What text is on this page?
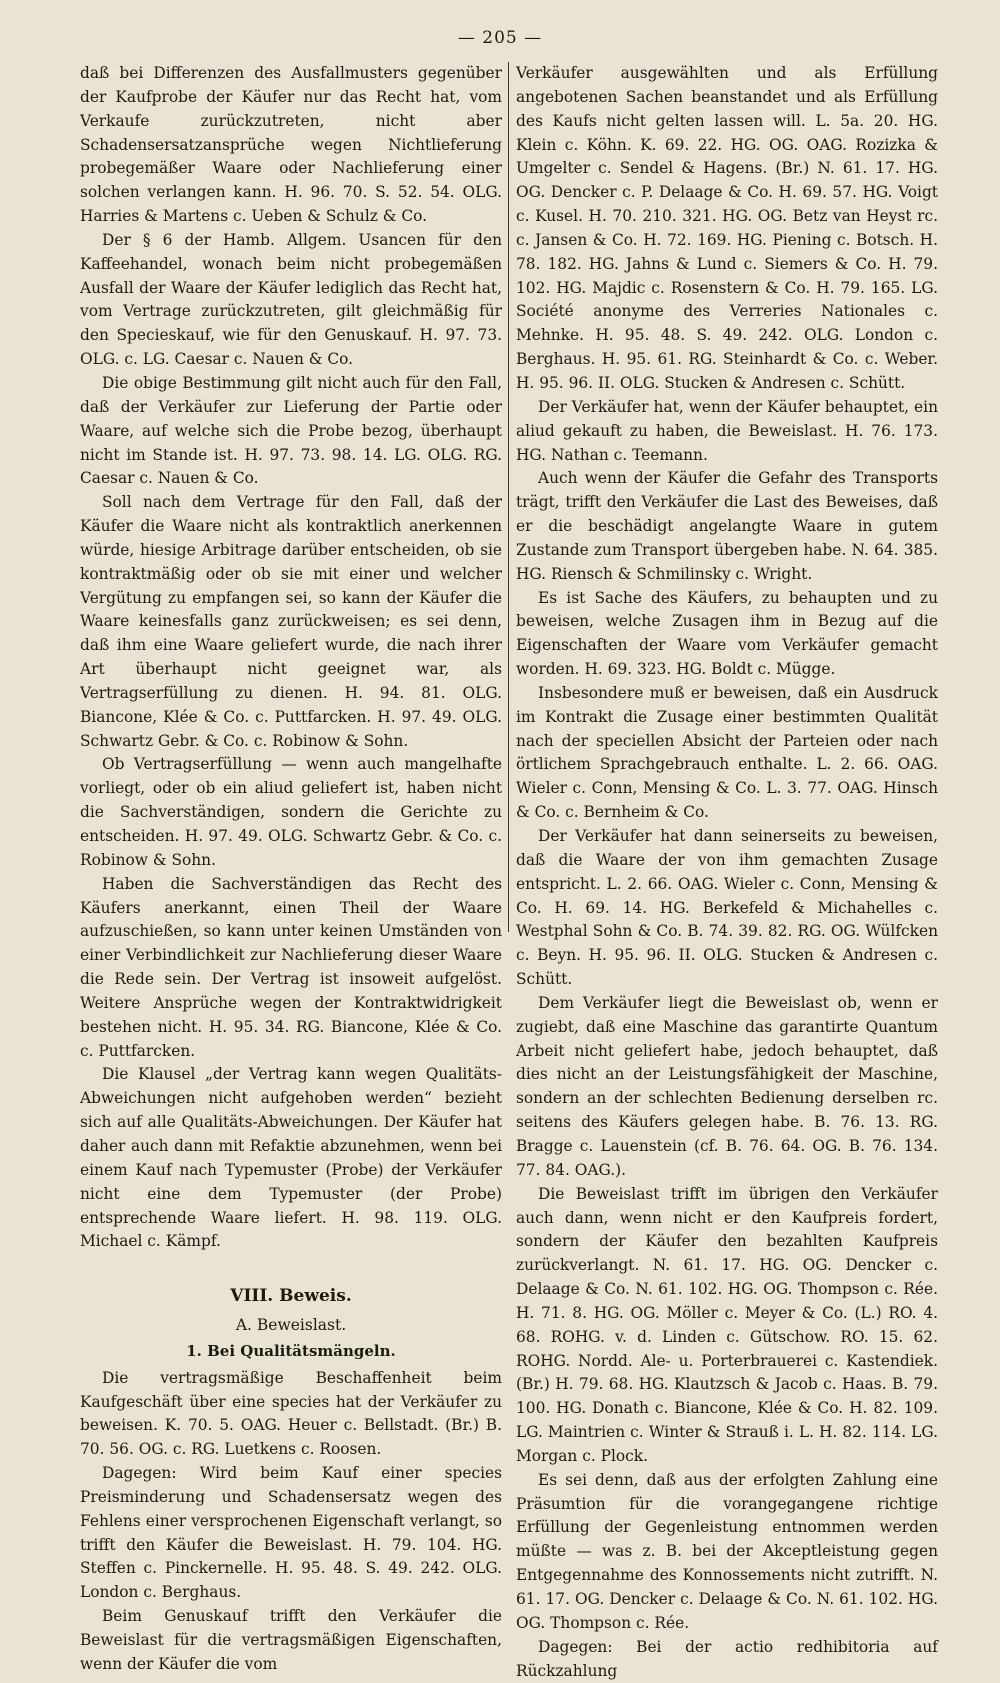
— 205 —

daß bei Differenzen des Ausfallmusters gegenüber der Kaufprobe der Käufer nur das Recht hat, vom Verkaufe zurückzutreten, nicht aber Schadensersatzansprüche wegen Nichtlieferung probegemäßer Waare oder Nachlieferung einer solchen verlangen kann. H. 96. 70. S. 52. 54. OLG. Harries & Martens c. Ueben & Schulz & Co.

Der § 6 der Hamb. Allgem. Usancen für den Kaffeehandel, wonach beim nicht probegemäßen Ausfall der Waare der Käufer lediglich das Recht hat, vom Vertrage zurückzutreten, gilt gleichmäßig für den Specieskauf, wie für den Genuskauf. H. 97. 73. OLG. c. LG. Caesar c. Nauen & Co.

Die obige Bestimmung gilt nicht auch für den Fall, daß der Verkäufer zur Lieferung der Partie oder Waare, auf welche sich die Probe bezog, überhaupt nicht im Stande ist. H. 97. 73. 98. 14. LG. OLG. RG. Caesar c. Nauen & Co.

Soll nach dem Vertrage für den Fall, daß der Käufer die Waare nicht als kontraktlich anerkennen würde, hiesige Arbitrage darüber entscheiden, ob sie kontraktmäßig oder ob sie mit einer und welcher Vergütung zu empfangen sei, so kann der Käufer die Waare keinesfalls ganz zurückweisen; es sei denn, daß ihm eine Waare geliefert wurde, die nach ihrer Art überhaupt nicht geeignet war, als Vertragserfüllung zu dienen. H. 94. 81. OLG. Biancone, Klée & Co. c. Puttfarcken. H. 97. 49. OLG. Schwartz Gebr. & Co. c. Robinow & Sohn.

Ob Vertragserfüllung — wenn auch mangelhafte vorliegt, oder ob ein aliud geliefert ist, haben nicht die Sachverständigen, sondern die Gerichte zu entscheiden. H. 97. 49. OLG. Schwartz Gebr. & Co. c. Robinow & Sohn.

Haben die Sachverständigen das Recht des Käufers anerkannt, einen Theil der Waare aufzuschießen, so kann unter keinen Umständen von einer Verbindlichkeit zur Nachlieferung dieser Waare die Rede sein. Der Vertrag ist insoweit aufgelöst. Weitere Ansprüche wegen der Kontraktwidrigkeit bestehen nicht. H. 95. 34. RG. Biancone, Klée & Co. c. Puttfarcken.

Die Klausel „der Vertrag kann wegen Qualitäts-Abweichungen nicht aufgehoben werden“ bezieht sich auf alle Qualitäts-Abweichungen. Der Käufer hat daher auch dann mit Refaktie abzunehmen, wenn bei einem Kauf nach Typemuster (Probe) der Verkäufer nicht eine dem Typemuster (der Probe) entsprechende Waare liefert. H. 98. 119. OLG. Michael c. Kämpf.

VIII. Beweis.
A. Beweislast.
1. Bei Qualitätsmängeln.

Die vertragsmäßige Beschaffenheit beim Kaufgeschäft über eine species hat der Verkäufer zu beweisen. K. 70. 5. OAG. Heuer c. Bellstadt. (Br.) B. 70. 56. OG. c. RG. Luetkens c. Roosen.

Dagegen: Wird beim Kauf einer species Preisminderung und Schadensersatz wegen des Fehlens einer versprochenen Eigenschaft verlangt, so trifft den Käufer die Beweislast. H. 79. 104. HG. Steffen c. Pinckernelle. H. 95. 48. S. 49. 242. OLG. London c. Berghaus.

Beim Genuskauf trifft den Verkäufer die Beweislast für die vertragsmäßigen Eigenschaften, wenn der Käufer die vom

Verkäufer ausgewählten und als Erfüllung angebotenen Sachen beanstandet und als Erfüllung des Kaufs nicht gelten lassen will. L. 5a. 20. HG. Klein c. Köhn. K. 69. 22. HG. OG. OAG. Rozizka & Umgelter c. Sendel & Hagens. (Br.) N. 61. 17. HG. OG. Dencker c. P. Delaage & Co. H. 69. 57. HG. Voigt c. Kusel. H. 70. 210. 321. HG. OG. Betz van Heyst rc. c. Jansen & Co. H. 72. 169. HG. Piening c. Botsch. H. 78. 182. HG. Jahns & Lund c. Siemers & Co. H. 79. 102. HG. Majdic c. Rosenstern & Co. H. 79. 165. LG. Société anonyme des Verreries Nationales c. Mehnke. H. 95. 48. S. 49. 242. OLG. London c. Berghaus. H. 95. 61. RG. Steinhardt & Co. c. Weber. H. 95. 96. II. OLG. Stucken & Andresen c. Schütt.

Der Verkäufer hat, wenn der Käufer behauptet, ein aliud gekauft zu haben, die Beweislast. H. 76. 173. HG. Nathan c. Teemann.

Auch wenn der Käufer die Gefahr des Transports trägt, trifft den Verkäufer die Last des Beweises, daß er die beschädigt angelangte Waare in gutem Zustande zum Transport übergeben habe. N. 64. 385. HG. Riensch & Schmilinsky c. Wright.

Es ist Sache des Käufers, zu behaupten und zu beweisen, welche Zusagen ihm in Bezug auf die Eigenschaften der Waare vom Verkäufer gemacht worden. H. 69. 323. HG. Boldt c. Mügge.

Insbesondere muß er beweisen, daß ein Ausdruck im Kontrakt die Zusage einer bestimmten Qualität nach der speciellen Absicht der Parteien oder nach örtlichem Sprachgebrauch enthalte. L. 2. 66. OAG. Wieler c. Conn, Mensing & Co. L. 3. 77. OAG. Hinsch & Co. c. Bernheim & Co.

Der Verkäufer hat dann seinerseits zu beweisen, daß die Waare der von ihm gemachten Zusage entspricht. L. 2. 66. OAG. Wieler c. Conn, Mensing & Co. H. 69. 14. HG. Berkefeld & Michahelles c. Westphal Sohn & Co. B. 74. 39. 82. RG. OG. Wülfcken c. Beyn. H. 95. 96. II. OLG. Stucken & Andresen c. Schütt.

Dem Verkäufer liegt die Beweislast ob, wenn er zugiebt, daß eine Maschine das garantirte Quantum Arbeit nicht geliefert habe, jedoch behauptet, daß dies nicht an der Leistungsfähigkeit der Maschine, sondern an der schlechten Bedienung derselben rc. seitens des Käufers gelegen habe. B. 76. 13. RG. Bragge c. Lauenstein (cf. B. 76. 64. OG. B. 76. 134. 77. 84. OAG.).

Die Beweislast trifft im übrigen den Verkäufer auch dann, wenn nicht er den Kaufpreis fordert, sondern der Käufer den bezahlten Kaufpreis zurückverlangt. N. 61. 17. HG. OG. Dencker c. Delaage & Co. N. 61. 102. HG. OG. Thompson c. Rée. H. 71. 8. HG. OG. Möller c. Meyer & Co. (L.) RO. 4. 68. ROHG. v. d. Linden c. Gütschow. RO. 15. 62. ROHG. Nordd. Ale- u. Porterbrauerei c. Kastendiek. (Br.) H. 79. 68. HG. Klautzsch & Jacob c. Haas. B. 79. 100. HG. Donath c. Biancone, Klée & Co. H. 82. 109. LG. Maintrien c. Winter & Strauß i. L. H. 82. 114. LG. Morgan c. Plock.

Es sei denn, daß aus der erfolgten Zahlung eine Präsumtion für die vorangegangene richtige Erfüllung der Gegenleistung entnommen werden müßte — was z. B. bei der Akceptleistung gegen Entgegennahme des Konnossements nicht zutrifft. N. 61. 17. OG. Dencker c. Delaage & Co. N. 61. 102. HG. OG. Thompson c. Rée.

Dagegen: Bei der actio redhibitoria auf Rückzahlung
